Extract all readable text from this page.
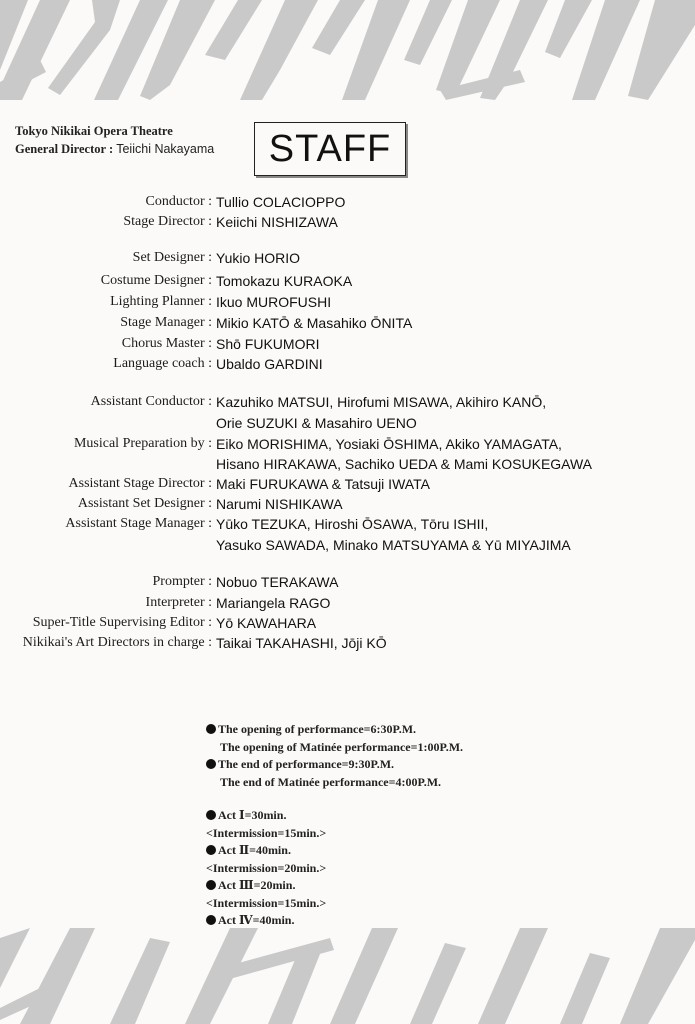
Tokyo Nikikai Opera Theatre
General Director : Teiichi Nakayama	STAFF
Conductor : Tullio COLACIOPPO
Stage Director : Keiichi NISHIZAWA
Set Designer : Yukio HORIO
Costume Designer : Tomokazu KURAOKA
Lighting Planner : Ikuo MUROFUSHI
Stage Manager : Mikio KATŌ & Masahiko ŌNITA
Chorus Master : Shō FUKUMORI
Language coach : Ubaldo GARDINI
Assistant Conductor : Kazuhiko MATSUI, Hirofumi MISAWA, Akihiro KANŌ,
Orie SUZUKI & Masahiro UENO
Musical Preparation by : Eiko MORISHIMA, Yosiaki ŌSHIMA, Akiko YAMAGATA,
Hisano HIRAKAWA, Sachiko UEDA & Mami KOSUKEGAWA
Assistant Stage Director : Maki FURUKAWA & Tatsuji IWATA
Assistant Set Designer : Narumi NISHIKAWA
Assistant Stage Manager : Yūko TEZUKA, Hiroshi ŌSAWA, Tōru ISHII,
Yasuko SAWADA, Minako MATSUYAMA & Yū MIYAJIMA
Prompter : Nobuo TERAKAWA
Interpreter : Mariangela RAGO
Super-Title Supervising Editor : Yō KAWAHARA
Nikikai's Art Directors in charge : Taikai TAKAHASHI, Jōji KŌ
The opening of performance=6:30P.M.
The opening of Matinée performance=1:00P.M.
The end of performance=9:30P.M.
The end of Matinée performance=4:00P.M.
Act Ⅰ=30min.
<Intermission=15min.>
Act Ⅱ=40min.
<Intermission=20min.>
Act Ⅲ=20min.
<Intermission=15min.>
Act Ⅳ=40min.
